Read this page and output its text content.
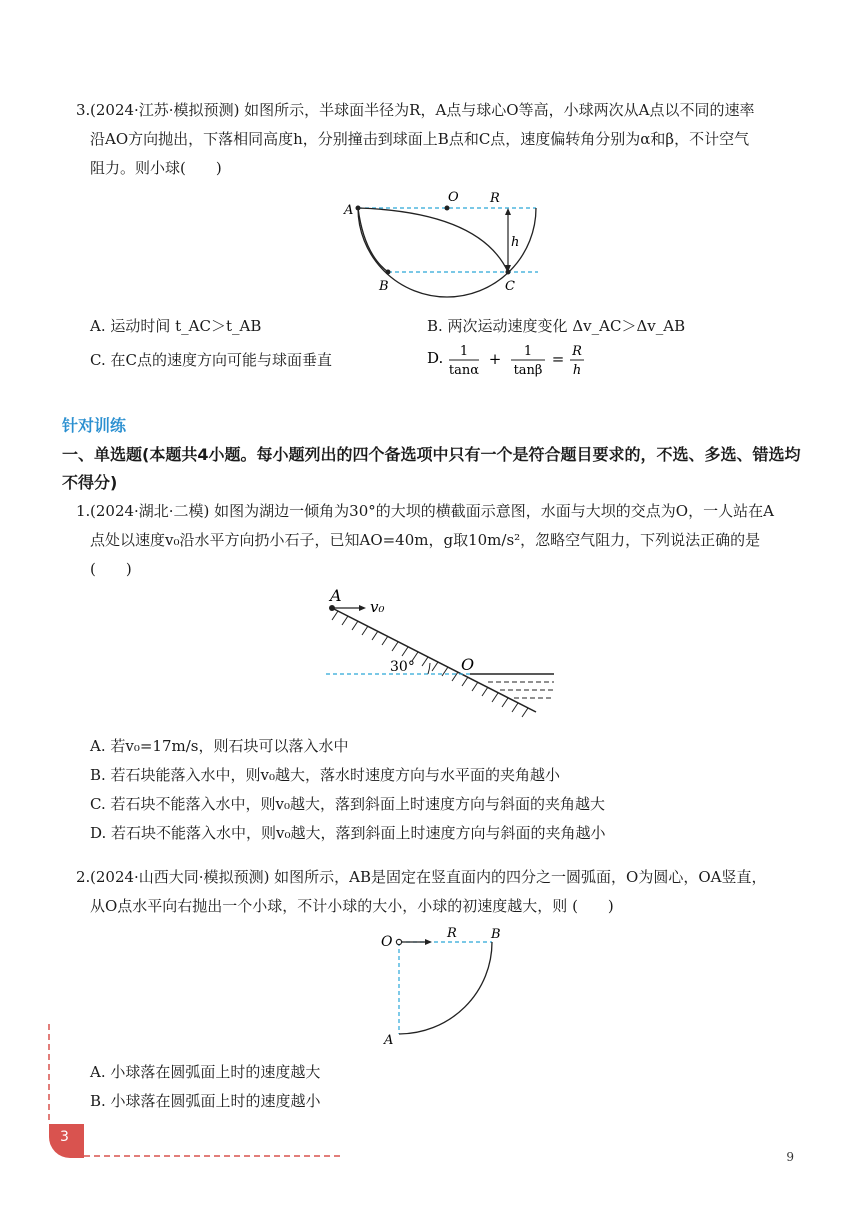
3. (2024·江苏·模拟预测) 如图所示，半球面半径为R，A点与球心O等高，小球两次从A点以不同的速率
沿AO方向抛出，下落相同高度h，分别撞击到球面上B点和C点，速度偏转角分别为α和β，不计空气
阻力。则小球(　　)
A
O R
h
B	C
A. 运动时间 t_AC＞t_AB	B. 两次运动速度变化 Δv_AC＞Δv_AB
C. 在C点的速度方向可能与球面垂直	D. 1
tanα
+ 1
tanβ
= R
h
针对训练
一、单选题(本题共4小题。每小题列出的四个备选项中只有一个是符合题目要求的，不选、多选、错选均不得分)
1. (2024·湖北·二模) 如图为湖边一倾角为30°的大坝的横截面示意图，水面与大坝的交点为O，一人站在A
点处以速度v₀沿水平方向扔小石子，已知AO=40m，g取10m/s²，忽略空气阻力，下列说法正确的是
(　　)
A
v₀
30°	O
A. 若v₀=17m/s，则石块可以落入水中
B. 若石块能落入水中，则v₀越大，落水时速度方向与水平面的夹角越小
C. 若石块不能落入水中，则v₀越大，落到斜面上时速度方向与斜面的夹角越大
D. 若石块不能落入水中，则v₀越大，落到斜面上时速度方向与斜面的夹角越小
2. (2024·山西大同·模拟预测) 如图所示，AB是固定在竖直面内的四分之一圆弧面，O为圆心，OA竖直，
从O点水平向右抛出一个小球，不计小球的大小，小球的初速度越大，则 (　　)
O
R	B
A
A. 小球落在圆弧面上时的速度越大
B. 小球落在圆弧面上时的速度越小
3
9
